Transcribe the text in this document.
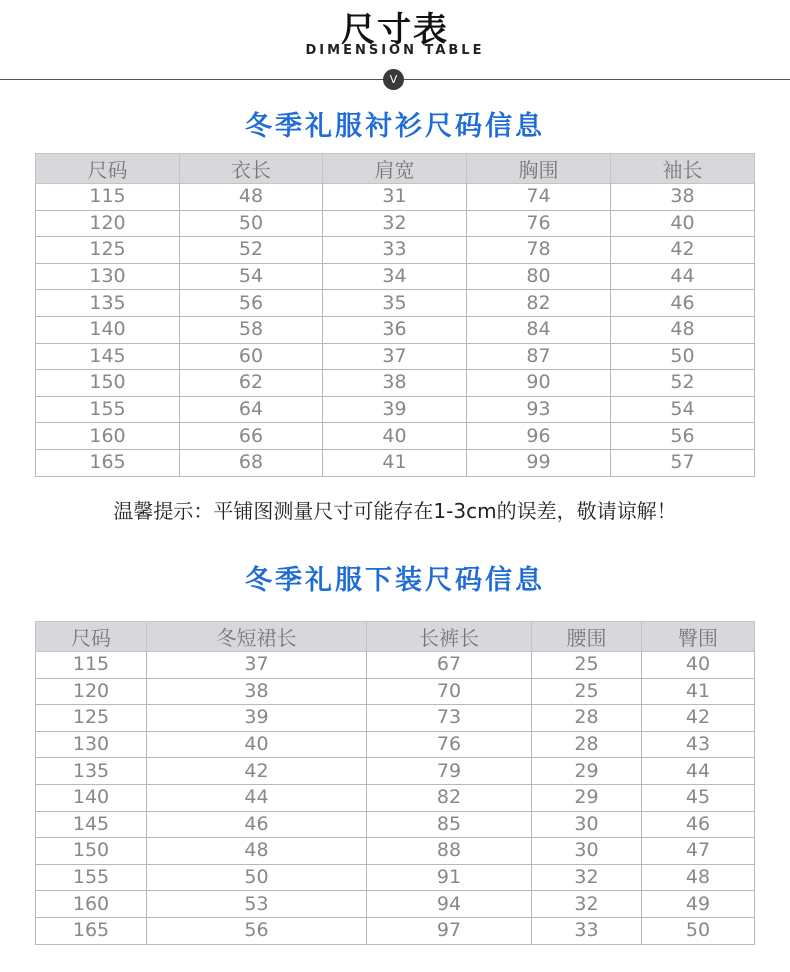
尺寸表
DIMENSION TABLE
V
冬季礼服衬衫尺码信息
尺码	衣长	肩宽	胸围	袖长
115	48	31	74	38
120	50	32	76	40
125	52	33	78	42
130	54	34	80	44
135	56	35	82	46
140	58	36	84	48
145	60	37	87	50
150	62	38	90	52
155	64	39	93	54
160	66	40	96	56
165	68	41	99	57
温馨提示：平铺图测量尺寸可能存在1-3cm的误差，敬请谅解！
冬季礼服下装尺码信息
尺码	冬短裙长	长裤长	腰围	臀围
115	37	67	25	40
120	38	70	25	41
125	39	73	28	42
130	40	76	28	43
135	42	79	29	44
140	44	82	29	45
145	46	85	30	46
150	48	88	30	47
155	50	91	32	48
160	53	94	32	49
165	56	97	33	50
